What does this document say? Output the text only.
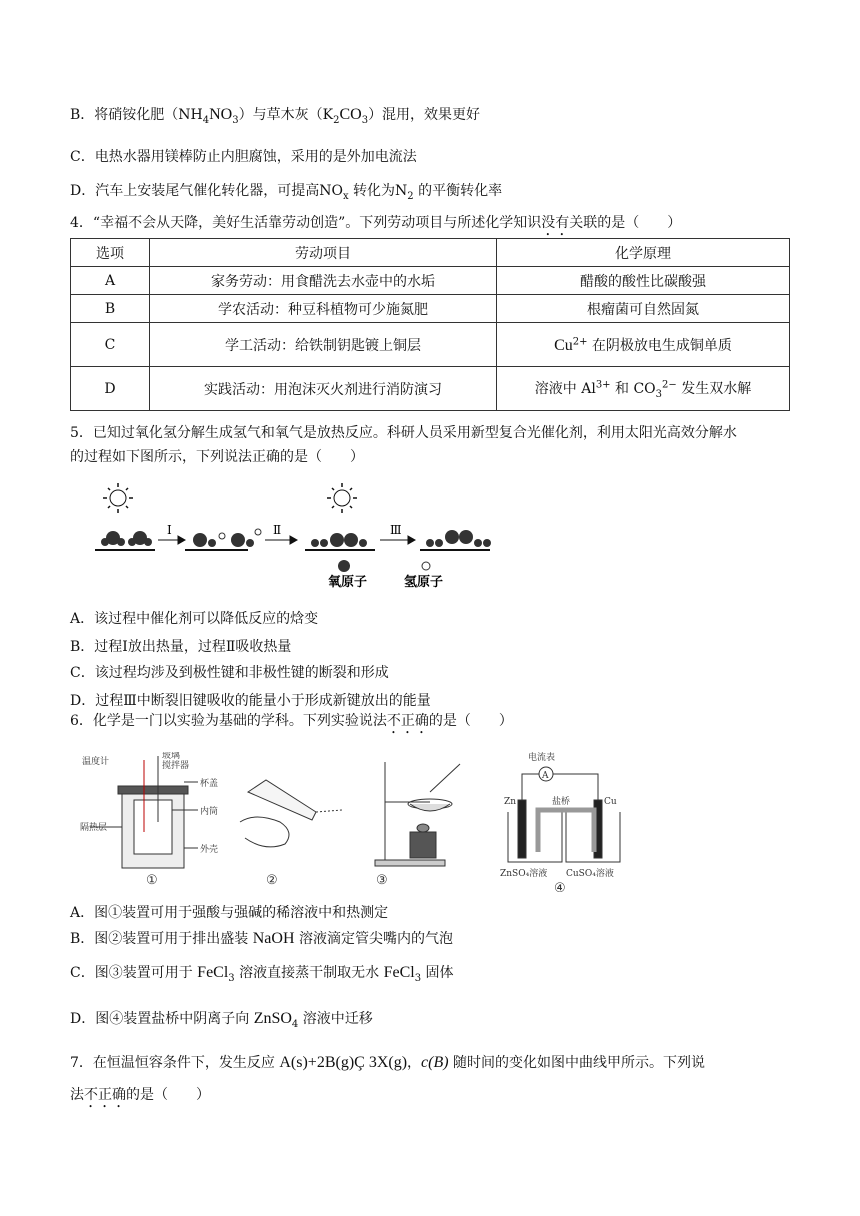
B．将硝铵化肥$(NH_4NO_3)$与草木灰$(K_2CO_3)$混用，效果更好
C．电热水器用镁棒防止内胆腐蚀，采用的是外加电流法
D．汽车上安装尾气催化转化器，可提高$NO_x$ 转化为$N_2$ 的平衡转化率
4．“幸福不会从天降，美好生活靠劳动创造”。下列劳动项目与所述化学知识没有关联的是（　　）
选项	劳动项目	化学原理
A	家务劳动：用食醋洗去水壶中的水垢	醋酸的酸性比碳酸强
B	学农活动：种豆科植物可少施氮肥	根瘤菌可自然固氮
C	学工活动：给铁制钥匙镀上铜层	$Cu^{2+}$ 在阴极放电生成铜单质
D	实践活动：用泡沫灭火剂进行消防演习	溶液中 $Al^{3+}$ 和 $CO_3^{2-}$ 发生双水解
5．已知过氧化氢分解生成氢气和氧气是放热反应。科研人员采用新型复合光催化剂，利用太阳光高效分解水
的过程如下图所示，下列说法正确的是（　　）
Ⅰ	Ⅱ	Ⅲ
氧原子	氢原子
A．该过程中催化剂可以降低反应的焓变
B．过程Ⅰ放出热量，过程Ⅱ吸收热量
C．该过程均涉及到极性键和非极性键的断裂和形成
D．过程Ⅲ中断裂旧键吸收的能量小于形成新键放出的能量
6．化学是一门以实验为基础的学科。下列实验说法不正确的是（　　）
温度计
玻璃
搅拌器
杯盖
内筒
隔热层
外壳
①	②	③
电流表
A
Zn	Cu
盐桥
ZnSO₄溶液 CuSO₄溶液
④
A．图①装置可用于强酸与强碱的稀溶液中和热测定
B．图②装置可用于排出盛装 NaOH 溶液滴定管尖嘴内的气泡
C．图③装置可用于 FeCl$_3$ 溶液直接蒸干制取无水 FeCl$_3$ 固体
D．图④装置盐桥中阴离子向 ZnSO$_4$ 溶液中迁移
7．在恒温恒容条件下，发生反应 A(s)+2B(g)Ç 3X(g)，c(B) 随时间的变化如图中曲线甲所示。下列说
法不正确的是（　　）
